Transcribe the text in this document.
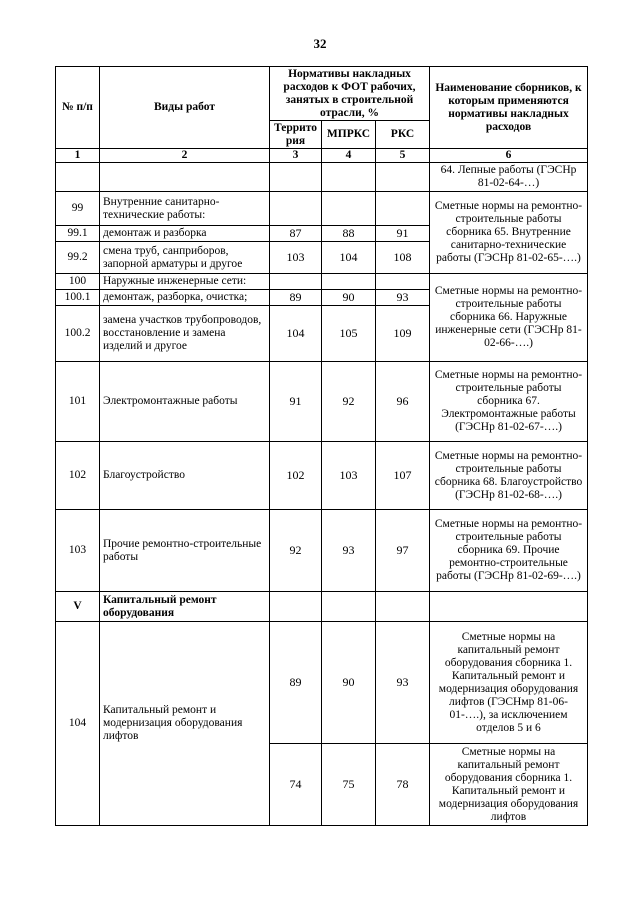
32
№ п/п	Виды работ	Нормативы накладных расходов к ФОТ рабочих, занятых в строительной отрасли, %			Наименование сборников, к которым применяются нормативы накладных расходов
		Террито рия	МПРКС	РКС	
1	2	3	4	5	6
					64. Лепные работы (ГЭСНр 81-02-64-…)
99	Внутренние санитарно-технические работы:				Сметные нормы на ремонтно-строительные работы сборника 65. Внутренние санитарно-технические работы (ГЭСНр 81-02-65-….)
99.1	демонтаж и разборка	87	88	91	
99.2	смена труб, санприборов, запорной арматуры и другое	103	104	108	
100	Наружные инженерные сети:				Сметные нормы на ремонтно-строительные работы сборника 66. Наружные инженерные сети (ГЭСНр 81-02-66-….)
100.1	демонтаж, разборка, очистка;	89	90	93	
100.2	замена участков трубопроводов, восстановление и замена изделий и другое	104	105	109	
101	Электромонтажные работы	91	92	96	Сметные нормы на ремонтно-строительные работы сборника 67. Электромонтажные работы (ГЭСНр 81-02-67-….)
102	Благоустройство	102	103	107	Сметные нормы на ремонтно-строительные работы сборника 68. Благоустройство (ГЭСНр 81-02-68-….)
103	Прочие ремонтно-строительные работы	92	93	97	Сметные нормы на ремонтно-строительные работы сборника 69. Прочие ремонтно-строительные работы (ГЭСНр 81-02-69-….)
V	Капитальный ремонт оборудования				
104	Капитальный ремонт и модернизация оборудования лифтов	89	90	93	Сметные нормы на капитальный ремонт оборудования сборника 1. Капитальный ремонт и модернизация оборудования лифтов (ГЭСНмр 81-06-01-….), за исключением отделов 5 и 6
		74	75	78	Сметные нормы на капитальный ремонт оборудования сборника 1. Капитальный ремонт и модернизация оборудования лифтов
